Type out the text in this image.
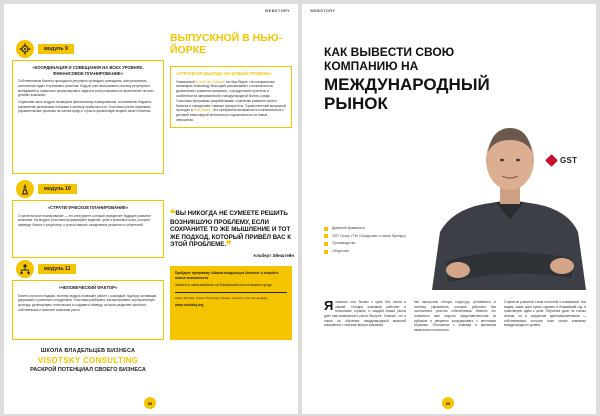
WEBSTORY
модуль 9
«КООРДИНАЦИЯ И СОВЕЩАНИЯ НА ВСЕХ УРОВНЯХ. ФИНАНСОВОЕ ПЛАНИРОВАНИЕ»

Собственникам бизнеса приходится регулярно проводить совещания, контролировать исполнение задач и принимать решения. Модуль учит выстраивать систему регулярного менеджмента, правильно формулировать задачи и контролировать их выполнение на всех уровнях компании.

Отдельная часть модуля посвящена финансовому планированию: составлению бюджета, управлению денежными потоками и анализу прибыльности. Участники учатся принимать управленческие решения на основе цифр и строить финансовую модель своего бизнеса.

модуль 10
«СТРАТЕГИЧЕСКОЕ ПЛАНИРОВАНИЕ»
Стратегическое планирование — это инструмент, который определяет будущее развитие компании. На модуле участники формулируют видение, цели и ключевые шаги, которые приведут бизнес к результату, и учатся сверять ежедневные решения со стратегией.
модуль 11
«ЧЕЛОВЕЧЕСКИЙ ФАКТОР»
Бизнес строится людьми, поэтому модуль посвящён работе с командой: подбору, мотивации, удержанию и развитию сотрудников. Участники разбирают, как выстраивать корпоративную культуру, делегировать полномочия и создавать команду, которая разделяет ценности собственника и помогает компании расти.
ШКОЛА ВЛАДЕЛЬЦЕВ БИЗНЕСА
VISOTSKY CONSULTING
РАСКРОЙ ПОТЕНЦИАЛ СВОЕГО БИЗНЕСА
ВЫПУСКНОЙ В НЬЮ-ЙОРКЕ
«СТРАТЕГИЯ ВЫХОДА НА НОВЫЙ УРОВЕНЬ»
Уникальный «Level Up» тренинг на Нью-Йорке. На специальных семинарах Александр Высоцкий рассказывает о возможностях дальнейшего развития компании, о продуктовой стратегии и особенностях американской и международной бизнес-среды. Участники программы разрабатывают стратегию развития своего бизнеса и определяют главные приоритеты. Торжественный выпускной проходит в Нью-Йорке. Это прекрасная возможность познакомиться с деловой атмосферой мегаполиса и вдохновиться на новые свершения.
❝ВЫ НИКОГДА НЕ СУМЕЕТЕ РЕШИТЬ ВОЗНИКШУЮ ПРОБЛЕМУ, ЕСЛИ СОХРАНИТЕ ТО ЖЕ МЫШЛЕНИЕ И ТОТ ЖЕ ПОДХОД, КОТОРЫЙ ПРИВЁЛ ВАС К ЭТОЙ ПРОБЛЕМЕ.❞
Альберт Эйнштейн
Пройдите программу «Школа владельцев бизнеса» и откройте новые возможности
Звоните и записывайтесь на ближайший поток в вашем городе
Киев, Москва, Санкт-Петербург, Минск, Алматы, Ростов-на-Дону
www.visotsky.org
68
WEBSTORY
КАК ВЫВЕСТИ СВОЮ КОМПАНИЮ НА
МЕЖДУНАРОДНЫЙ РЫНОК
GST
Дмитрий Кравченко
GST Group (ТМ «Скидочки» и иные бренды)
Производство
Общество
Я начинал этот бизнес с нуля, без опыта и связей. Сегодня компания работает в нескольких странах, и каждый новый рынок даёт нам возможность расти быстрее. Главное, что я понял на обучении: международный масштаб начинается с системы внутри компании.
Мы выстроили чёткую структуру, регламенты и систему управления, которые работают без постоянного участия собственника. Именно это позволило нам открыть представительства за рубежом и уверенно конкурировать с местными игроками. Отношение к команде и финансам изменилось полностью.
Стратегия развития стала понятной и измеримой. Мы видим, какие шаги нужно сделать в ближайший год, и планомерно идём к цели. Обучение дало не только знания, но и окружение единомышленников — собственников, которые тоже строят компании международного уровня.
69
